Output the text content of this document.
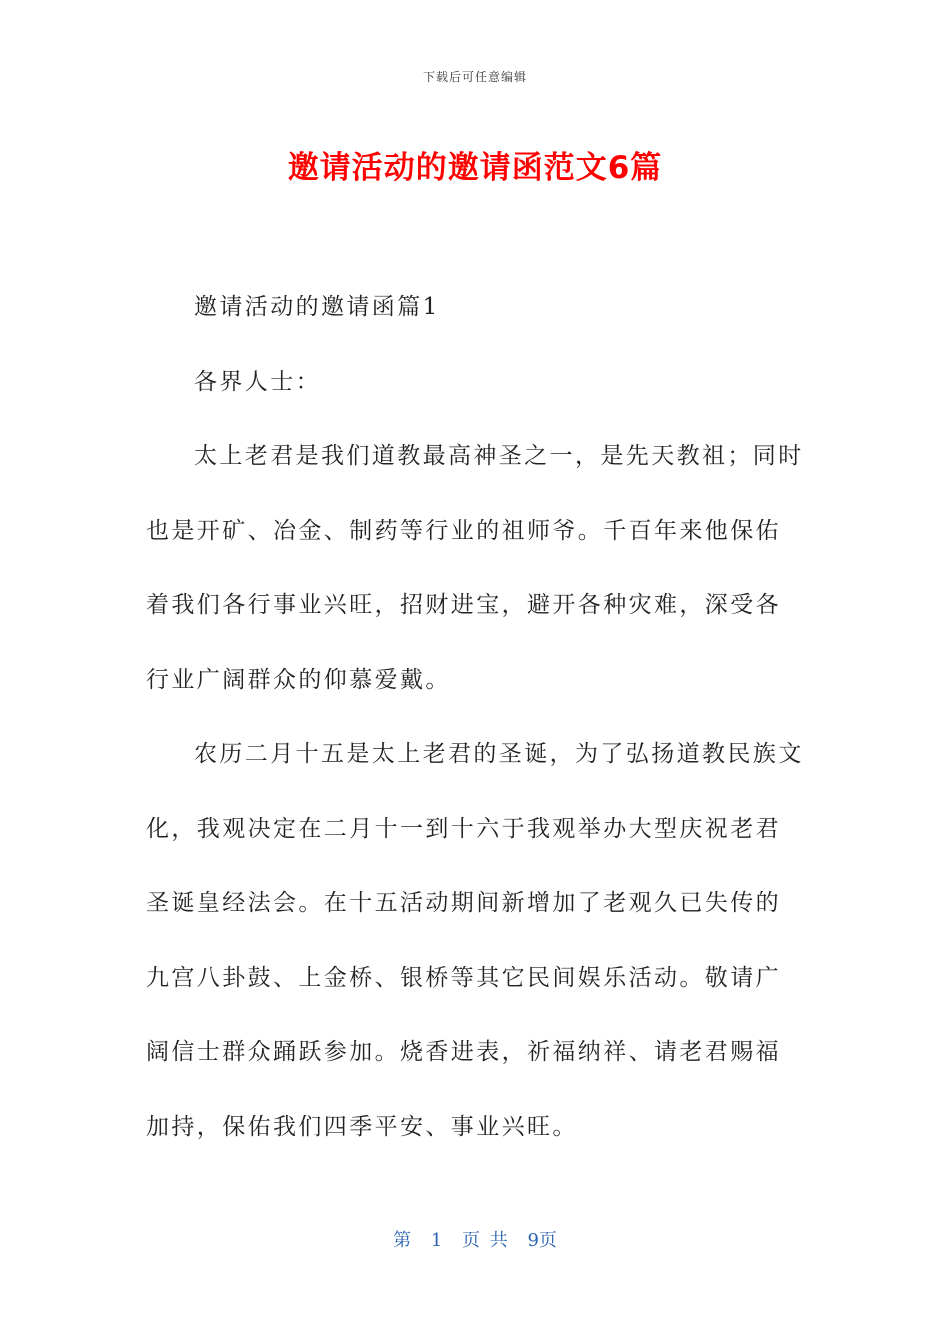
下载后可任意编辑
邀请活动的邀请函范文6篇

邀请活动的邀请函篇1

各界人士：

太上老君是我们道教最高神圣之一，是先天教祖；同时也是开矿、冶金、制药等行业的祖师爷。千百年来他保佑着我们各行事业兴旺，招财进宝，避开各种灾难，深受各行业广阔群众的仰慕爱戴。

农历二月十五是太上老君的圣诞，为了弘扬道教民族文化，我观决定在二月十一到十六于我观举办大型庆祝老君圣诞皇经法会。在十五活动期间新增加了老观久已失传的九宫八卦鼓、上金桥、银桥等其它民间娱乐活动。敬请广阔信士群众踊跃参加。烧香进表，祈福纳祥、请老君赐福加持，保佑我们四季平安、事业兴旺。

第 1 页 共 9页
